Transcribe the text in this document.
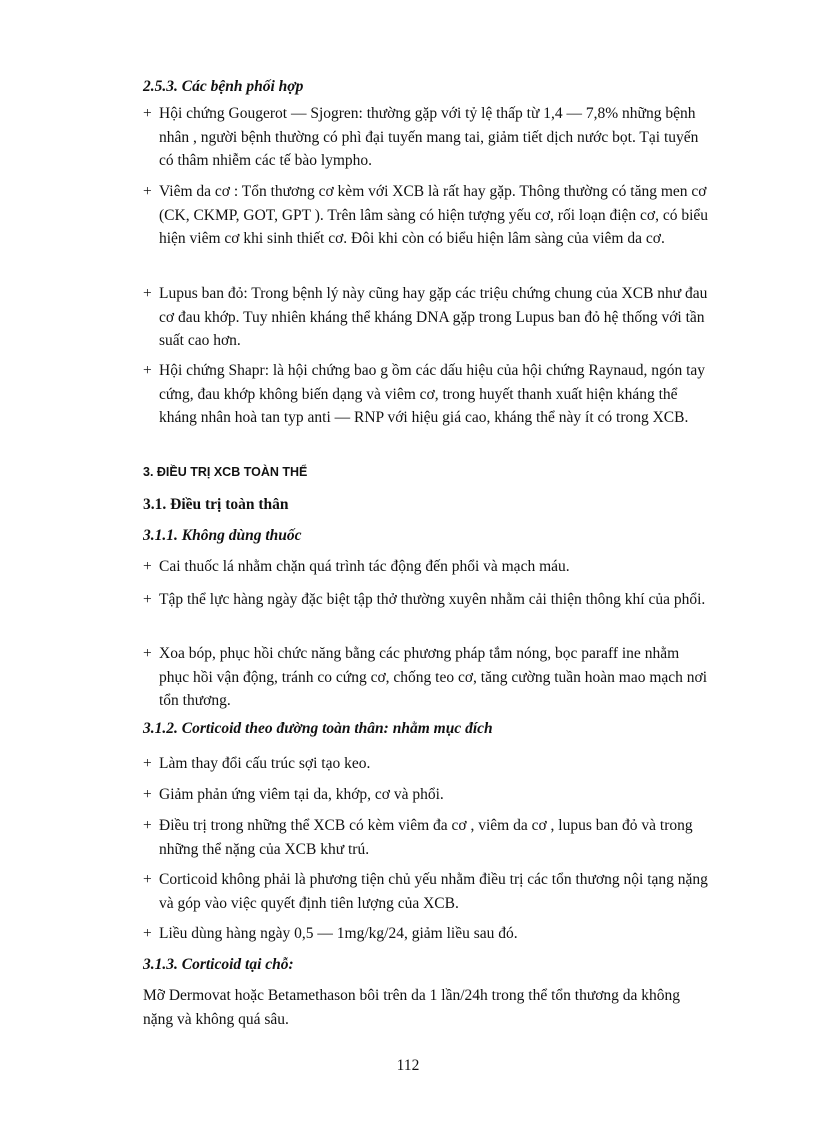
2.5.3. Các bệnh phối hợp
+ Hội chứng Gougerot — Sjogren: thường gặp với tỷ lệ thấp từ 1,4 — 7,8% những bệnh nhân , người bệnh thường có phì đại tuyến mang tai, giảm tiết dịch nước bọt. Tại tuyến có thâm nhiễm các tế bào lympho.
+ Viêm da cơ : Tổn thương cơ kèm với XCB là rất hay gặp. Thông thường có tăng men cơ (CK, CKMP, GOT, GPT ). Trên lâm sàng có hiện tượng yếu cơ, rối loạn điện cơ, có biểu hiện viêm cơ khi sinh thiết cơ. Đôi khi còn có biểu hiện lâm sàng của viêm da cơ.
+ Lupus ban đỏ: Trong bệnh lý này cũng hay gặp các triệu chứng chung của XCB như đau cơ đau khớp. Tuy nhiên kháng thể kháng DNA gặp trong Lupus ban đỏ hệ thống với tần suất cao hơn.
+ Hội chứng Shapr: là hội chứng bao g ồm các dấu hiệu của hội chứng Raynaud, ngón tay cứng, đau khớp không biến dạng và viêm cơ, trong huyết thanh xuất hiện kháng thể kháng nhân hoà tan typ anti — RNP với hiệu giá cao, kháng thể này ít có trong XCB.
3. ĐIỀU TRỊ XCB TOÀN THỂ
3.1. Điều trị toàn thân
3.1.1. Không dùng thuốc
+ Cai thuốc lá nhằm chặn quá trình tác động đến phổi và mạch máu.
+ Tập thể lực hàng ngày đặc biệt tập thở thường xuyên nhằm cải thiện thông khí của phổi.
+ Xoa bóp, phục hồi chức năng bằng các phương pháp tắm nóng, bọc paraff ine nhằm phục hồi vận động, tránh co cứng cơ, chống teo cơ, tăng cường tuần hoàn mao mạch nơi tổn thương.
3.1.2. Corticoid theo đường toàn thân: nhằm mục đích
+ Làm thay đổi cấu trúc sợi tạo keo.
+ Giảm phản ứng viêm tại da, khớp, cơ và phổi.
+ Điều trị trong những thể XCB có kèm viêm đa cơ , viêm da cơ , lupus ban đỏ và trong những thể nặng của XCB khư trú.
+ Corticoid không phải là phương tiện chủ yếu nhằm điều trị các tổn thương nội tạng nặng và góp vào việc quyết định tiên lượng của XCB.
+ Liều dùng hàng ngày 0,5 — 1mg/kg/24, giảm liều sau đó.
3.1.3. Corticoid tại chỗ:
Mỡ Dermovat hoặc Betamethason bôi trên da 1 lần/24h trong thể tổn thương da không nặng và không quá sâu.
112
